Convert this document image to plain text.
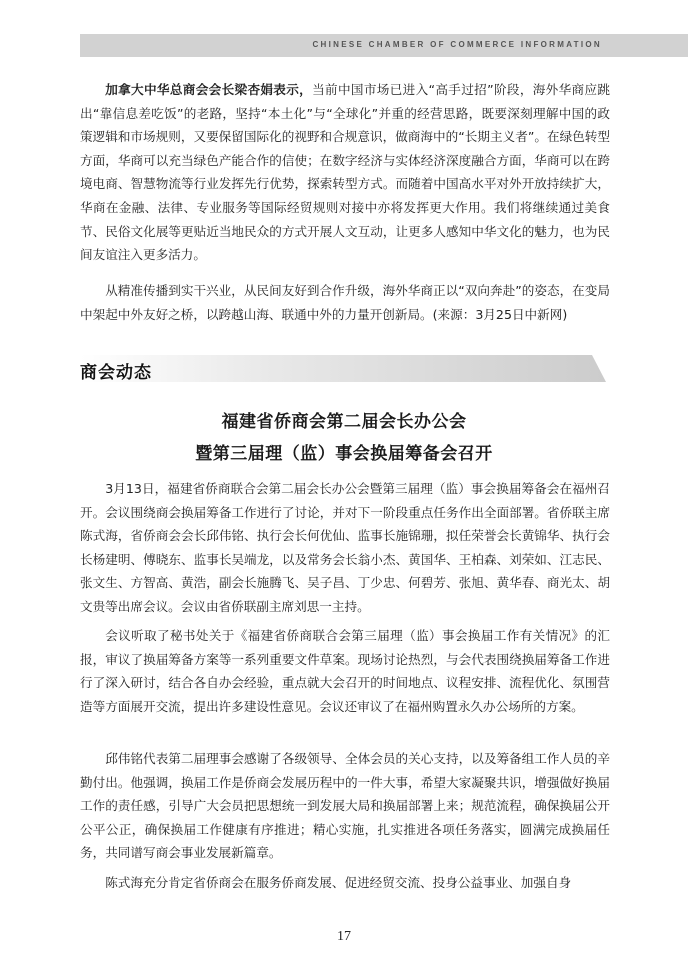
CHINESE CHAMBER OF COMMERCE INFORMATION

加拿大中华总商会会长梁杏娟表示，当前中国市场已进入“高手过招”阶段，海外华商应跳出“靠信息差吃饭”的老路，坚持“本土化”与“全球化”并重的经营思路，既要深刻理解中国的政策逻辑和市场规则，又要保留国际化的视野和合规意识，做商海中的“长期主义者”。在绿色转型方面，华商可以充当绿色产能合作的信使；在数字经济与实体经济深度融合方面，华商可以在跨境电商、智慧物流等行业发挥先行优势，探索转型方式。而随着中国高水平对外开放持续扩大，华商在金融、法律、专业服务等国际经贸规则对接中亦将发挥更大作用。我们将继续通过美食节、民俗文化展等更贴近当地民众的方式开展人文互动，让更多人感知中华文化的魅力，也为民间友谊注入更多活力。

从精准传播到实干兴业，从民间友好到合作升级，海外华商正以“双向奔赴”的姿态，在变局中架起中外友好之桥，以跨越山海、联通中外的力量开创新局。(来源：3月25日中新网)

商会动态
福建省侨商会第二届会长办公会
暨第三届理（监）事会换届筹备会召开

3月13日，福建省侨商联合会第二届会长办公会暨第三届理（监）事会换届筹备会在福州召开。会议围绕商会换届筹备工作进行了讨论，并对下一阶段重点任务作出全面部署。省侨联主席陈式海，省侨商会会长邱伟铭、执行会长何优仙、监事长施锦珊，拟任荣誉会长黄锦华、执行会长杨建明、傅晓东、监事长吴端龙，以及常务会长翁小杰、黄国华、王柏森、刘荣如、江志民、张文生、方智高、黄浩，副会长施腾飞、吴子昌、丁少忠、何碧芳、张旭、黄华春、商光太、胡文贵等出席会议。会议由省侨联副主席刘思一主持。

会议听取了秘书处关于《福建省侨商联合会第三届理（监）事会换届工作有关情况》的汇报，审议了换届筹备方案等一系列重要文件草案。现场讨论热烈，与会代表围绕换届筹备工作进行了深入研讨，结合各自办会经验，重点就大会召开的时间地点、议程安排、流程优化、氛围营造等方面展开交流，提出许多建设性意见。会议还审议了在福州购置永久办公场所的方案。

邱伟铭代表第二届理事会感谢了各级领导、全体会员的关心支持，以及筹备组工作人员的辛勤付出。他强调，换届工作是侨商会发展历程中的一件大事，希望大家凝聚共识，增强做好换届工作的责任感，引导广大会员把思想统一到发展大局和换届部署上来；规范流程，确保换届公开公平公正，确保换届工作健康有序推进；精心实施，扎实推进各项任务落实，圆满完成换届任务，共同谱写商会事业发展新篇章。

陈式海充分肯定省侨商会在服务侨商发展、促进经贸交流、投身公益事业、加强自身

17
